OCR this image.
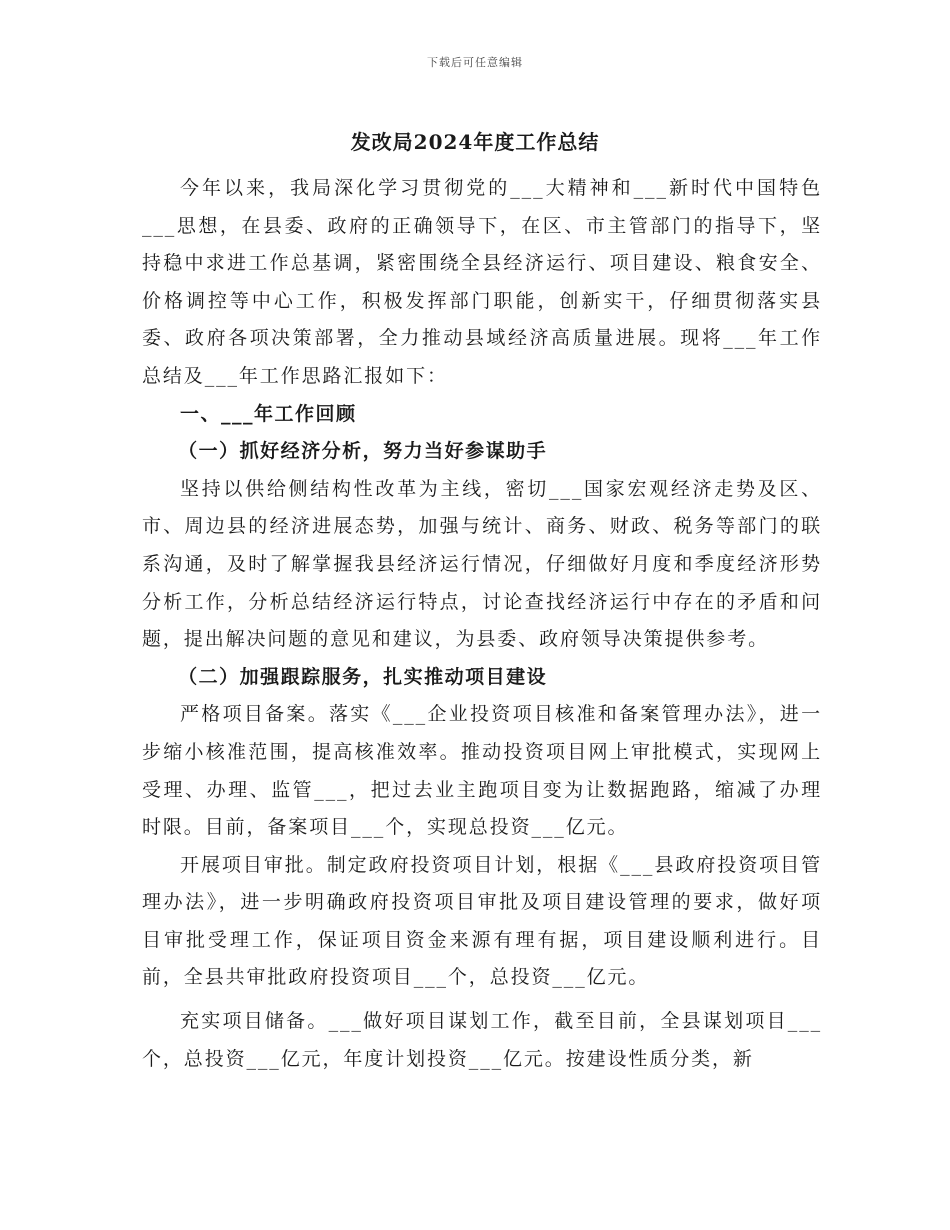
下载后可任意编辑
发改局2024年度工作总结

今年以来，我局深化学习贯彻党的___大精神和___新时代中国特色___思想，在县委、政府的正确领导下，在区、市主管部门的指导下，坚持稳中求进工作总基调，紧密围绕全县经济运行、项目建设、粮食安全、价格调控等中心工作，积极发挥部门职能，创新实干，仔细贯彻落实县委、政府各项决策部署，全力推动县域经济高质量进展。现将___年工作总结及___年工作思路汇报如下：

一、___年工作回顾

（一）抓好经济分析，努力当好参谋助手

坚持以供给侧结构性改革为主线，密切___国家宏观经济走势及区、市、周边县的经济进展态势，加强与统计、商务、财政、税务等部门的联系沟通，及时了解掌握我县经济运行情况，仔细做好月度和季度经济形势分析工作，分析总结经济运行特点，讨论查找经济运行中存在的矛盾和问题，提出解决问题的意见和建议，为县委、政府领导决策提供参考。

（二）加强跟踪服务，扎实推动项目建设

严格项目备案。落实《___企业投资项目核准和备案管理办法》，进一步缩小核准范围，提高核准效率。推动投资项目网上审批模式，实现网上受理、办理、监管___，把过去业主跑项目变为让数据跑路，缩减了办理时限。目前，备案项目___个，实现总投资___亿元。

开展项目审批。制定政府投资项目计划，根据《___县政府投资项目管理办法》，进一步明确政府投资项目审批及项目建设管理的要求，做好项目审批受理工作，保证项目资金来源有理有据，项目建设顺利进行。目前，全县共审批政府投资项目___个，总投资___亿元。

充实项目储备。___做好项目谋划工作，截至目前，全县谋划项目___个，总投资___亿元，年度计划投资___亿元。按建设性质分类，新
